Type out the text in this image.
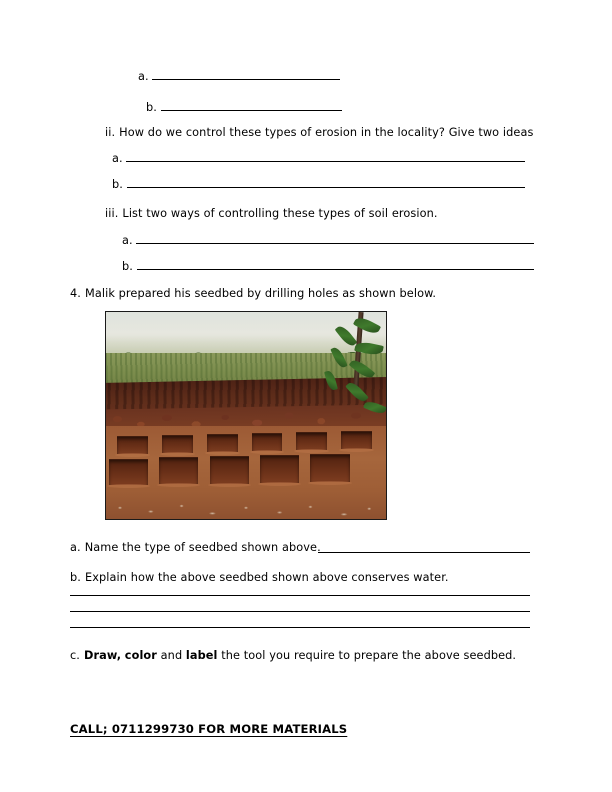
a.
b.
ii. How do we control these types of erosion in the locality? Give two ideas
a.
b.
iii. List two ways of controlling these types of soil erosion.
a.
b.
4. Malik prepared his seedbed by drilling holes as shown below.
a. Name the type of seedbed shown above.
b. Explain how the above seedbed shown above conserves water.
c. Draw, color and label the tool you require to prepare the above seedbed.
CALL; 0711299730 FOR MORE MATERIALS
